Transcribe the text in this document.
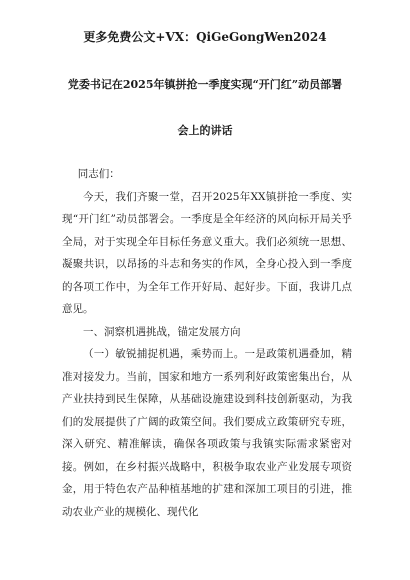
更多免费公文+VX：QiGeGongWen2024
党委书记在2025年镇拼抢一季度实现“开门红”动员部署
会上的讲话

同志们：

今天，我们齐聚一堂，召开2025年XX镇拼抢一季度、实现“开门红”动员部署会。一季度是全年经济的风向标开局关乎全局，对于实现全年目标任务意义重大。我们必须统一思想、凝聚共识，以昂扬的斗志和务实的作风，全身心投入到一季度的各项工作中，为全年工作开好局、起好步。下面，我讲几点意见。

一、洞察机遇挑战，锚定发展方向

（一）敏锐捕捉机遇，乘势而上。一是政策机遇叠加，精准对接发力。当前，国家和地方一系列利好政策密集出台，从产业扶持到民生保障，从基础设施建设到科技创新驱动，为我们的发展提供了广阔的政策空间。我们要成立政策研究专班，深入研究、精准解读，确保各项政策与我镇实际需求紧密对接。例如，在乡村振兴战略中，积极争取农业产业发展专项资金，用于特色农产品种植基地的扩建和深加工项目的引进，推动农业产业的规模化、现代化
